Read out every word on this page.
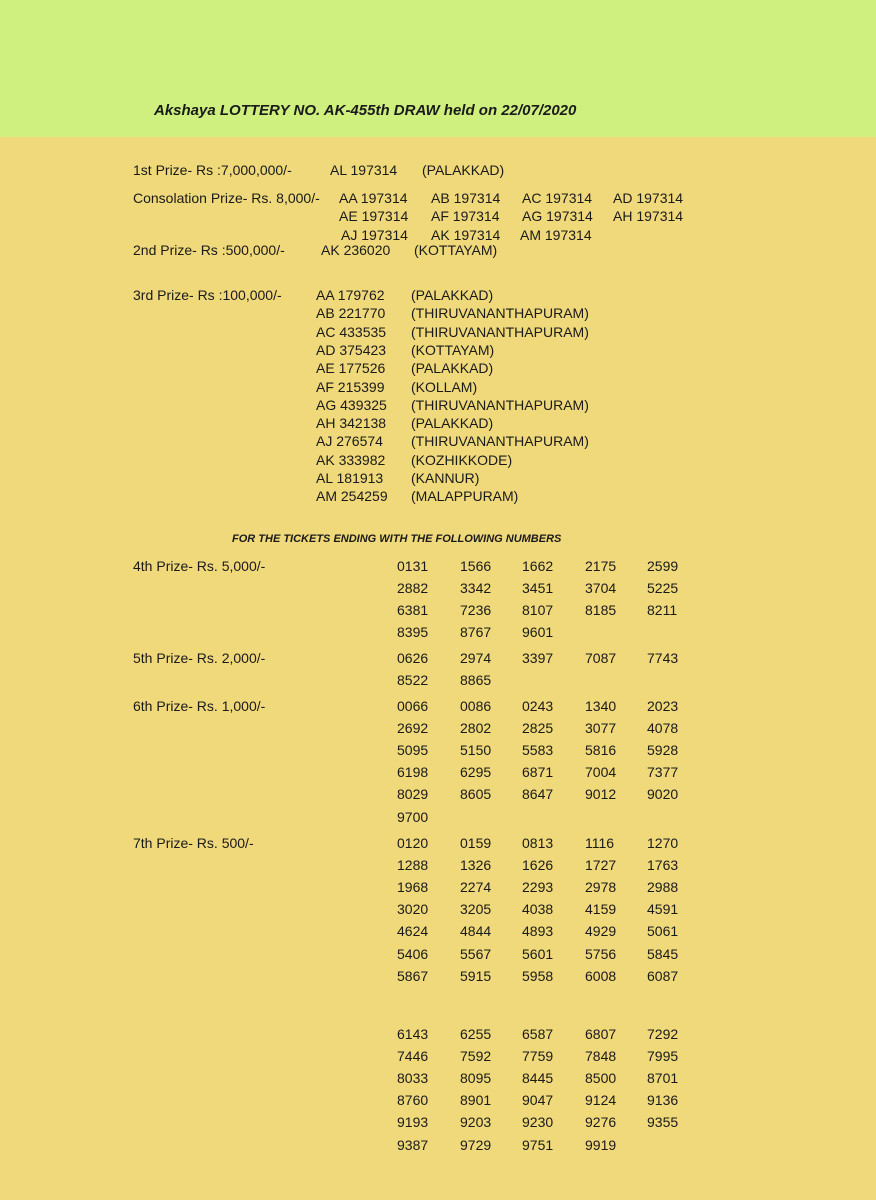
Akshaya LOTTERY NO. AK-455th DRAW held on 22/07/2020
1st Prize- Rs :7,000,000/-	AL 197314 (PALAKKAD)
Consolation Prize- Rs. 8,000/- AA 197314 AB 197314 AC 197314 AD 197314
AE 197314 AF 197314 AG 197314 AH 197314
AJ 197314 AK 197314 AM 197314
2nd Prize- Rs :500,000/-	AK 236020 (KOTTAYAM)
3rd Prize- Rs :100,000/- AA 179762 (PALAKKAD)
AB 221770 (THIRUVANANTHAPURAM)
AC 433535 (THIRUVANANTHAPURAM)
AD 375423 (KOTTAYAM)
AE 177526 (PALAKKAD)
AF 215399 (KOLLAM)
AG 439325 (THIRUVANANTHAPURAM)
AH 342138 (PALAKKAD)
AJ 276574 (THIRUVANANTHAPURAM)
AK 333982 (KOZHIKKODE)
AL 181913 (KANNUR)
AM 254259 (MALAPPURAM)
FOR THE TICKETS ENDING WITH THE FOLLOWING NUMBERS
4th Prize- Rs. 5,000/-
5th Prize- Rs. 2,000/-
6th Prize- Rs. 1,000/-
7th Prize- Rs. 500/-
0131 1566 1662 2175 2599
2882 3342 3451 3704 5225
6381 7236 8107 8185 8211
8395 8767 9601
0626 2974 3397 7087 7743
8522 8865
0066 0086 0243 1340 2023
2692 2802 2825 3077 4078
5095 5150 5583 5816 5928
6198 6295 6871 7004 7377
8029 8605 8647 9012 9020
9700
0120 0159 0813 1116 1270
1288 1326 1626 1727 1763
1968 2274 2293 2978 2988
3020 3205 4038 4159 4591
4624 4844 4893 4929 5061
5406 5567 5601 5756 5845
5867 5915 5958 6008 6087
6143 6255 6587 6807 7292
7446 7592 7759 7848 7995
8033 8095 8445 8500 8701
8760 8901 9047 9124 9136
9193 9203 9230 9276 9355
9387 9729 9751 9919
